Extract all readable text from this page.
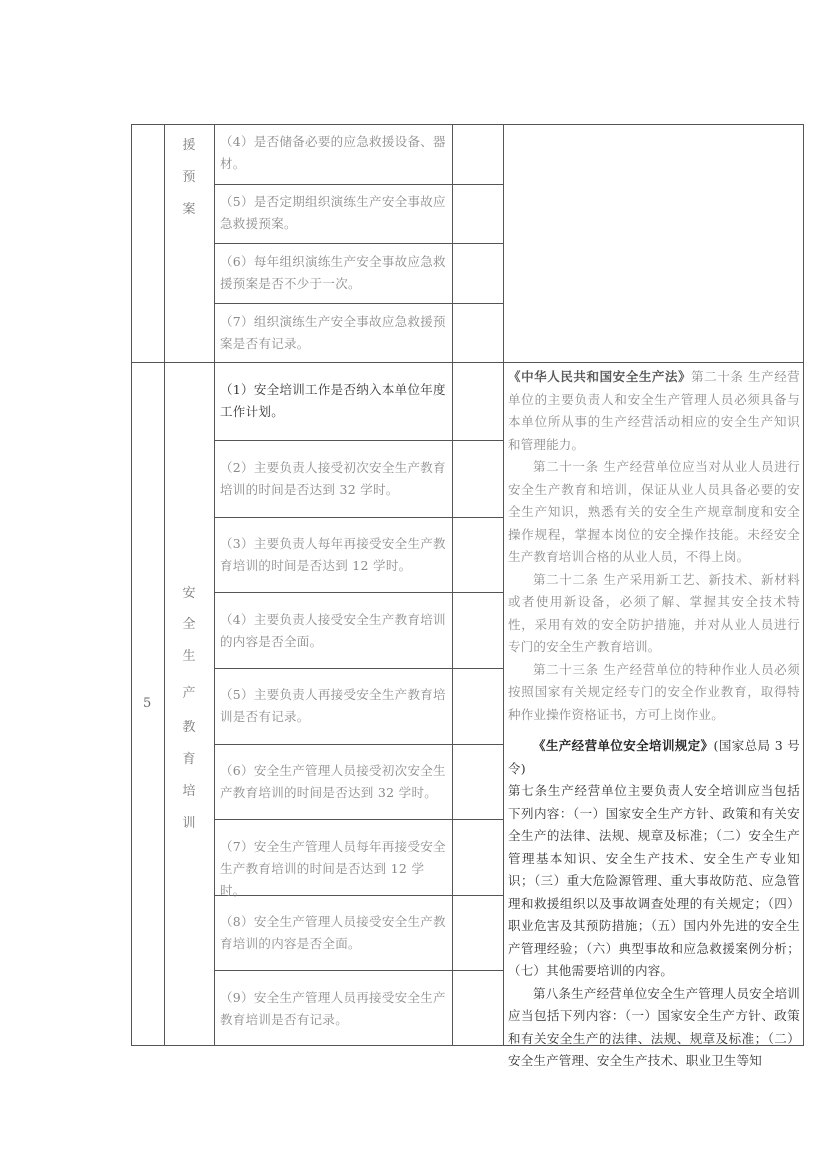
援
预
案
（4）是否储备必要的应急救援设备、器材。
（5）是否定期组织演练生产安全事故应急救援预案。
（6）每年组织演练生产安全事故应急救援预案是否不少于一次。
（7）组织演练生产安全事故应急救援预案是否有记录。
5
安
全
生
产
教
育
培
训
（1）安全培训工作是否纳入本单位年度工作计划。
（2）主要负责人接受初次安全生产教育培训的时间是否达到 32 学时。
（3）主要负责人每年再接受安全生产教育培训的时间是否达到 12 学时。
（4）主要负责人接受安全生产教育培训的内容是否全面。
（5）主要负责人再接受安全生产教育培训是否有记录。
（6）安全生产管理人员接受初次安全生产教育培训的时间是否达到 32 学时。
（7）安全生产管理人员每年再接受安全生产教育培训的时间是否达到 12 学时。
（8）安全生产管理人员接受安全生产教育培训的内容是否全面。
（9）安全生产管理人员再接受安全生产教育培训是否有记录。
《中华人民共和国安全生产法》第二十条 生产经营单位的主要负责人和安全生产管理人员必须具备与本单位所从事的生产经营活动相应的安全生产知识和管理能力。
第二十一条 生产经营单位应当对从业人员进行安全生产教育和培训，保证从业人员具备必要的安全生产知识，熟悉有关的安全生产规章制度和安全操作规程，掌握本岗位的安全操作技能。未经安全生产教育培训合格的从业人员，不得上岗。
第二十二条 生产采用新工艺、新技术、新材料或者使用新设备，必须了解、掌握其安全技术特性，采用有效的安全防护措施，并对从业人员进行专门的安全生产教育培训。
第二十三条 生产经营单位的特种作业人员必须按照国家有关规定经专门的安全作业教育，取得特种作业操作资格证书，方可上岗作业。
《生产经营单位安全培训规定》(国家总局 3 号令)
第七条生产经营单位主要负责人安全培训应当包括下列内容：（一）国家安全生产方针、政策和有关安全生产的法律、法规、规章及标准；（二）安全生产管理基本知识、安全生产技术、安全生产专业知识；（三）重大危险源管理、重大事故防范、应急管理和救援组织以及事故调查处理的有关规定；（四）职业危害及其预防措施；（五）国内外先进的安全生产管理经验；（六）典型事故和应急救援案例分析；（七）其他需要培训的内容。
第八条生产经营单位安全生产管理人员安全培训应当包括下列内容：（一）国家安全生产方针、政策和有关安全生产的法律、法规、规章及标准；（二）安全生产管理、安全生产技术、职业卫生等知
